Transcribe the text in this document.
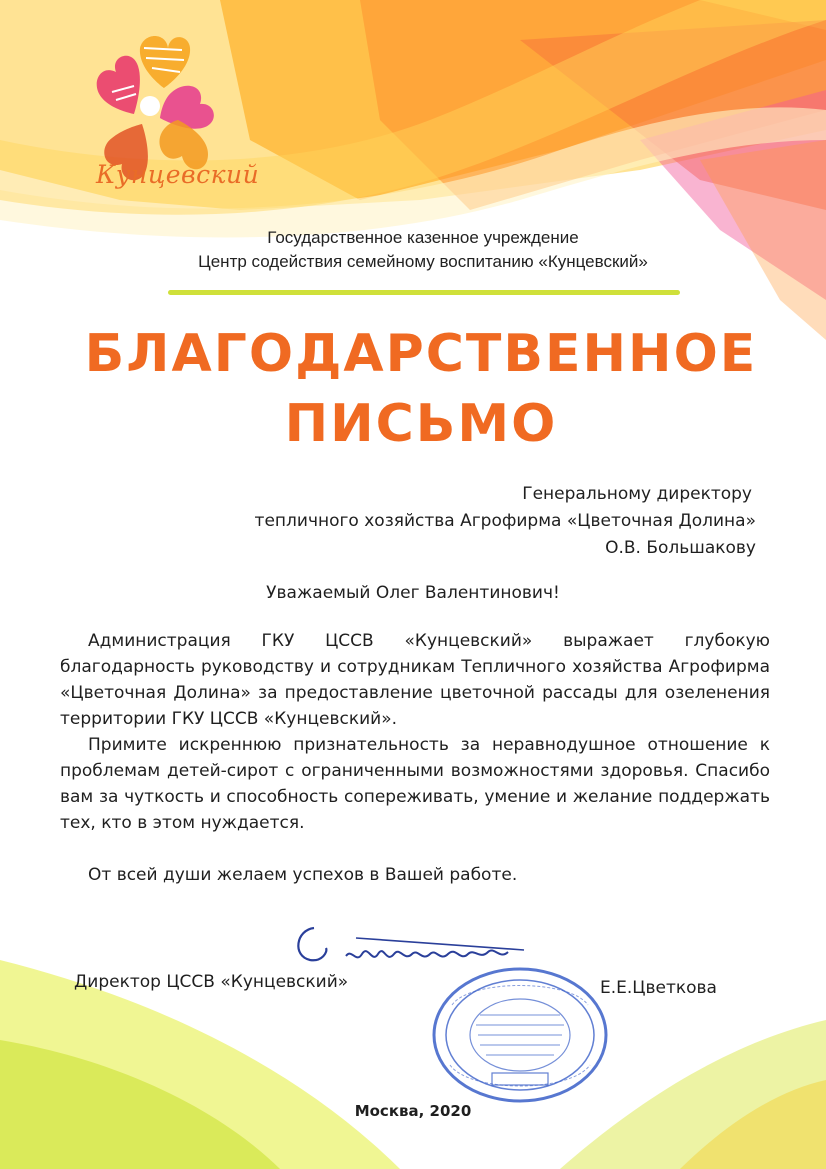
Кунцевский
Государственное казенное учреждение
Центр содействия семейному воспитанию «Кунцевский»
БЛАГОДАРСТВЕННОЕ
ПИСЬМО
Генеральному директору
тепличного хозяйства Агрофирма «Цветочная Долина»
О.В. Большакову
Уважаемый Олег Валентинович!

Администрация ГКУ ЦССВ «Кунцевский» выражает глубокую благодарность руководству и сотрудникам Тепличного хозяйства Агрофирма «Цветочная Долина» за предоставление цветочной рассады для озеленения территории ГКУ ЦССВ «Кунцевский».

Примите искреннюю признательность за неравнодушное отношение к проблемам детей-сирот с ограниченными возможностями здоровья. Спасибо вам за чуткость и способность сопереживать, умение и желание поддержать тех, кто в этом нуждается.

От всей души желаем успехов в Вашей работе.

Директор ЦССВ «Кунцевский»	Е.Е.Цветкова
Москва, 2020
